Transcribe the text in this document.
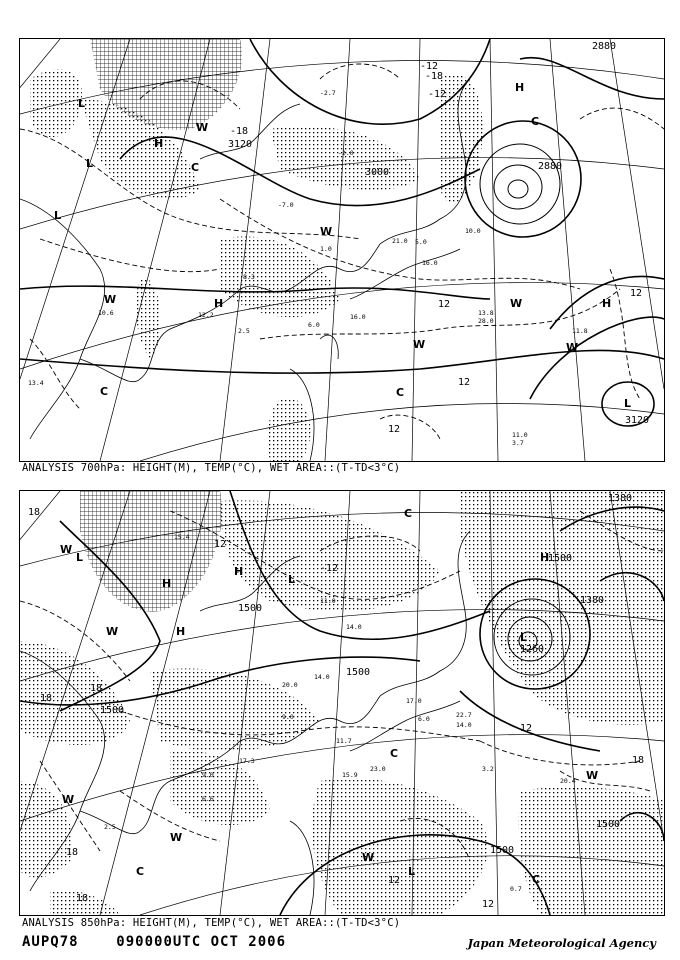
2880
3000
2880
3120
3120
-12
-12
12
12
12
12
-18
-18
L
L
L
H
H
H
H
L
W
W	W
W	W
W
C
C
C	C
10.6
13.4
2.5
-2.7
6.0
11.8
-7.0
16.0
5.0
16.0
-2.0
21.0
11.0
3.7
13.8
28.0
8.3
1.0
10.0
12.2
ANALYSIS 700hPa: HEIGHT(M), TEMP(°C), WET AREA::(T-TD<3°C)
1380
1500
1500
1500
1500
1500
1260
1380
1500
18
18
18
18
18
18
12
12
12
12
-12
H
H
H
H
L
L
L
L
W
W
W
W
W
W
C
C
C
C
15.4
11.0
14.0
9.0
20.0
14.0
11.7
3.2
15.9
6.0
17.0
17.3
23.0
9.0
6.6
2.5
20.4
14.0
22.7
0.7
ANALYSIS 850hPa: HEIGHT(M), TEMP(°C), WET AREA::(T-TD<3°C)
AUPQ78	090000UTC OCT 2006	Japan Meteorological Agency
